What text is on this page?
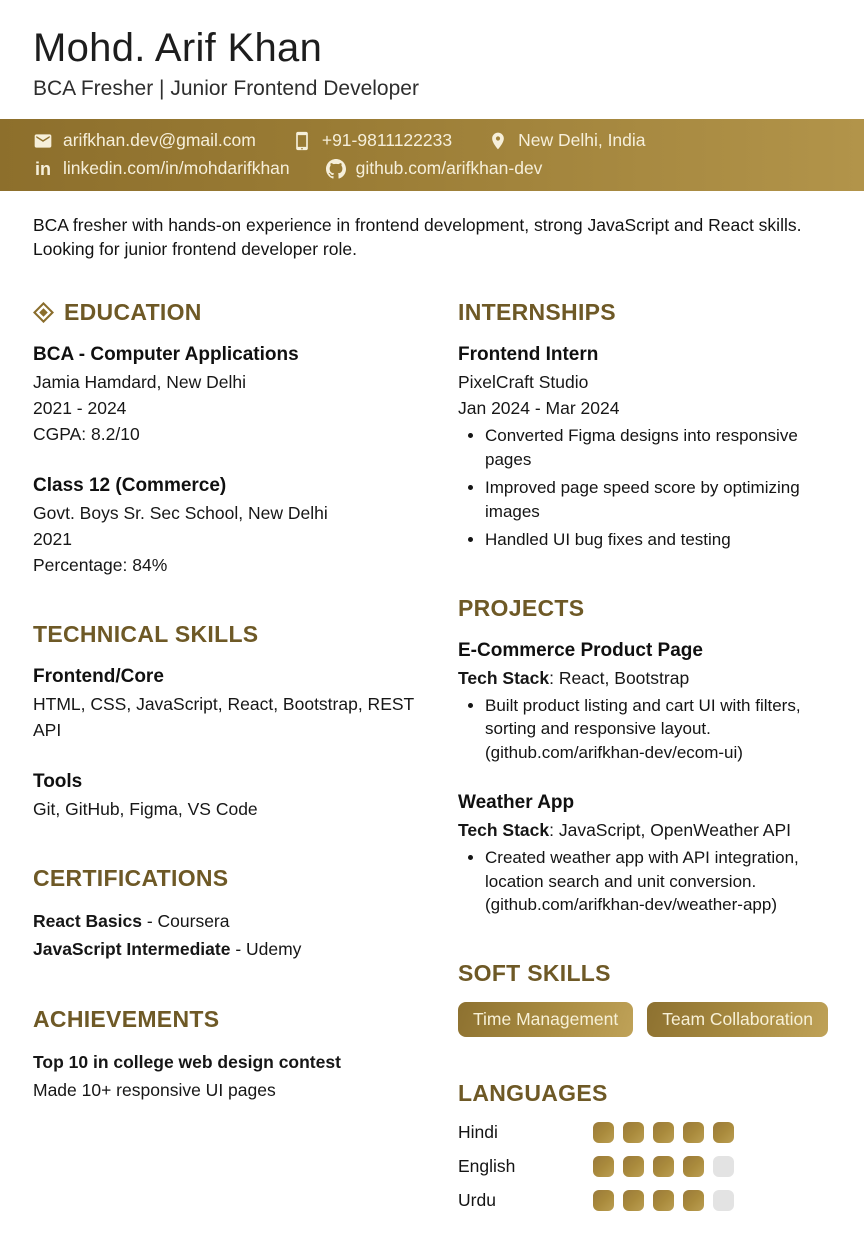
Mohd. Arif Khan
BCA Fresher | Junior Frontend Developer
arifkhan.dev@gmail.com	+91-9811122233	New Delhi, India
in linkedin.com/in/mohdarifkhan	github.com/arifkhan-dev
BCA fresher with hands-on experience in frontend development, strong JavaScript and React skills. Looking for junior frontend developer role.
EDUCATION
BCA - Computer Applications
Jamia Hamdard, New Delhi
2021 - 2024
CGPA: 8.2/10
Class 12 (Commerce)
Govt. Boys Sr. Sec School, New Delhi
2021
Percentage: 84%
TECHNICAL SKILLS
Frontend/Core
HTML, CSS, JavaScript, React, Bootstrap, REST API
Tools
Git, GitHub, Figma, VS Code
CERTIFICATIONS
React Basics - Coursera
JavaScript Intermediate - Udemy
ACHIEVEMENTS
Top 10 in college web design contest
Made 10+ responsive UI pages
INTERNSHIPS
Frontend Intern
PixelCraft Studio
Jan 2024 - Mar 2024
• Converted Figma designs into responsive pages
• Improved page speed score by optimizing images
• Handled UI bug fixes and testing
PROJECTS
E-Commerce Product Page
Tech Stack: React, Bootstrap
• Built product listing and cart UI with filters, sorting and responsive layout. (github.com/arifkhan-dev/ecom-ui)
Weather App
Tech Stack: JavaScript, OpenWeather API
• Created weather app with API integration, location search and unit conversion. (github.com/arifkhan-dev/weather-app)
SOFT SKILLS
Time Management	Team Collaboration
LANGUAGES
Hindi
English
Urdu
